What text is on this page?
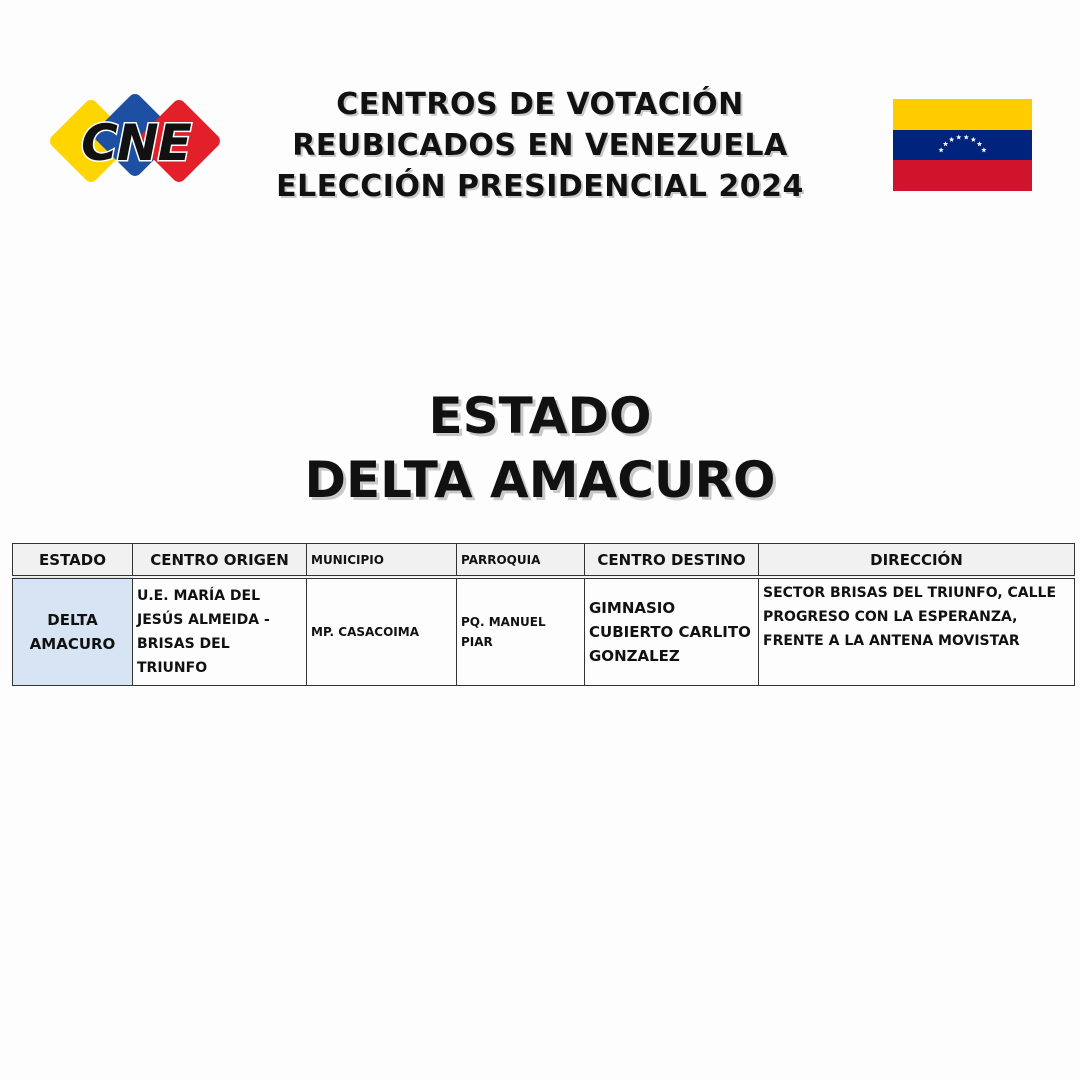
CNE
CENTROS DE VOTACIÓN
REUBICADOS EN VENEZUELA
ELECCIÓN PRESIDENCIAL 2024
ESTADO
DELTA AMACURO
ESTADO	CENTRO ORIGEN	MUNICIPIO	PARROQUIA	CENTRO DESTINO	DIRECCIÓN
DELTA AMACURO	U.E. MARÍA DEL JESÚS ALMEIDA - BRISAS DEL TRIUNFO	MP. CASACOIMA	PQ. MANUEL PIAR	GIMNASIO CUBIERTO CARLITO GONZALEZ	SECTOR BRISAS DEL TRIUNFO, CALLE PROGRESO CON LA ESPERANZA, FRENTE A LA ANTENA MOVISTAR
